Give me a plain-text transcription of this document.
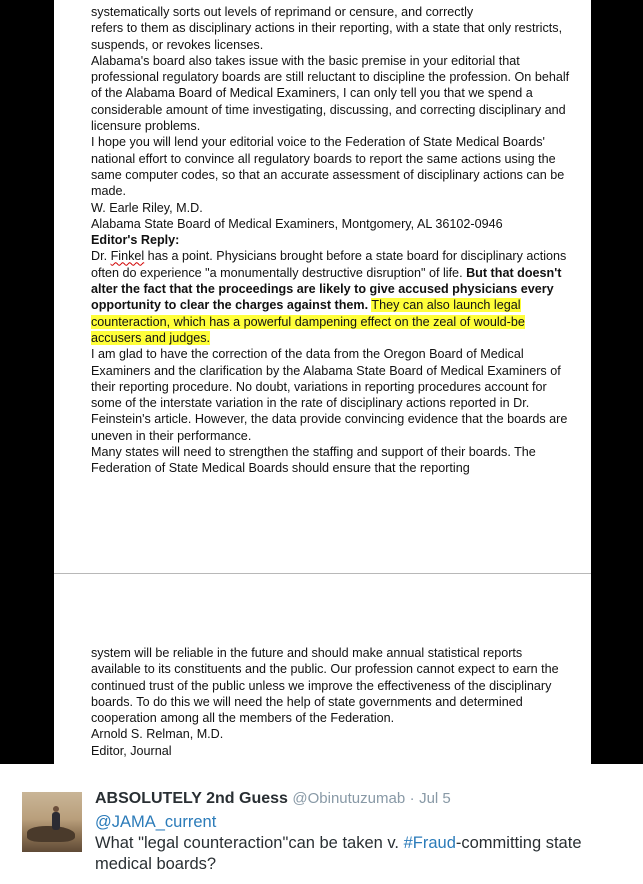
systematically sorts out levels of reprimand or censure, and correctly

refers to them as disciplinary actions in their reporting, with a state that only restricts, suspends, or revokes licenses.

Alabama's board also takes issue with the basic premise in your editorial that professional regulatory boards are still reluctant to discipline the profession. On behalf of the Alabama Board of Medical Examiners, I can only tell you that we spend a considerable amount of time investigating, discussing, and correcting disciplinary and licensure problems.

I hope you will lend your editorial voice to the Federation of State Medical Boards' national effort to convince all regulatory boards to report the same actions using the same computer codes, so that an accurate assessment of disciplinary actions can be made.

W. Earle Riley, M.D.

Alabama State Board of Medical Examiners, Montgomery, AL 36102-0946

Editor's Reply:

Dr. Finkel has a point. Physicians brought before a state board for disciplinary actions often do experience "a monumentally destructive disruption" of life. But that doesn't alter the fact that the proceedings are likely to give accused physicians every opportunity to clear the charges against them. They can also launch legal counteraction, which has a powerful dampening effect on the zeal of would-be accusers and judges.

I am glad to have the correction of the data from the Oregon Board of Medical Examiners and the clarification by the Alabama State Board of Medical Examiners of their reporting procedure. No doubt, variations in reporting procedures account for some of the interstate variation in the rate of disciplinary actions reported in Dr. Feinstein's article. However, the data provide convincing evidence that the boards are uneven in their performance.

Many states will need to strengthen the staffing and support of their boards. The Federation of State Medical Boards should ensure that the reporting

system will be reliable in the future and should make annual statistical reports available to its constituents and the public. Our profession cannot expect to earn the continued trust of the public unless we improve the effectiveness of the disciplinary boards. To do this we will need the help of state governments and determined cooperation among all the members of the Federation.

Arnold S. Relman, M.D.

Editor, Journal

ABSOLUTELY 2nd Guess @Obinutuzumab · Jul 5
@JAMA_current
What "legal counteraction"can be taken v. #Fraud-committing state medical boards?
